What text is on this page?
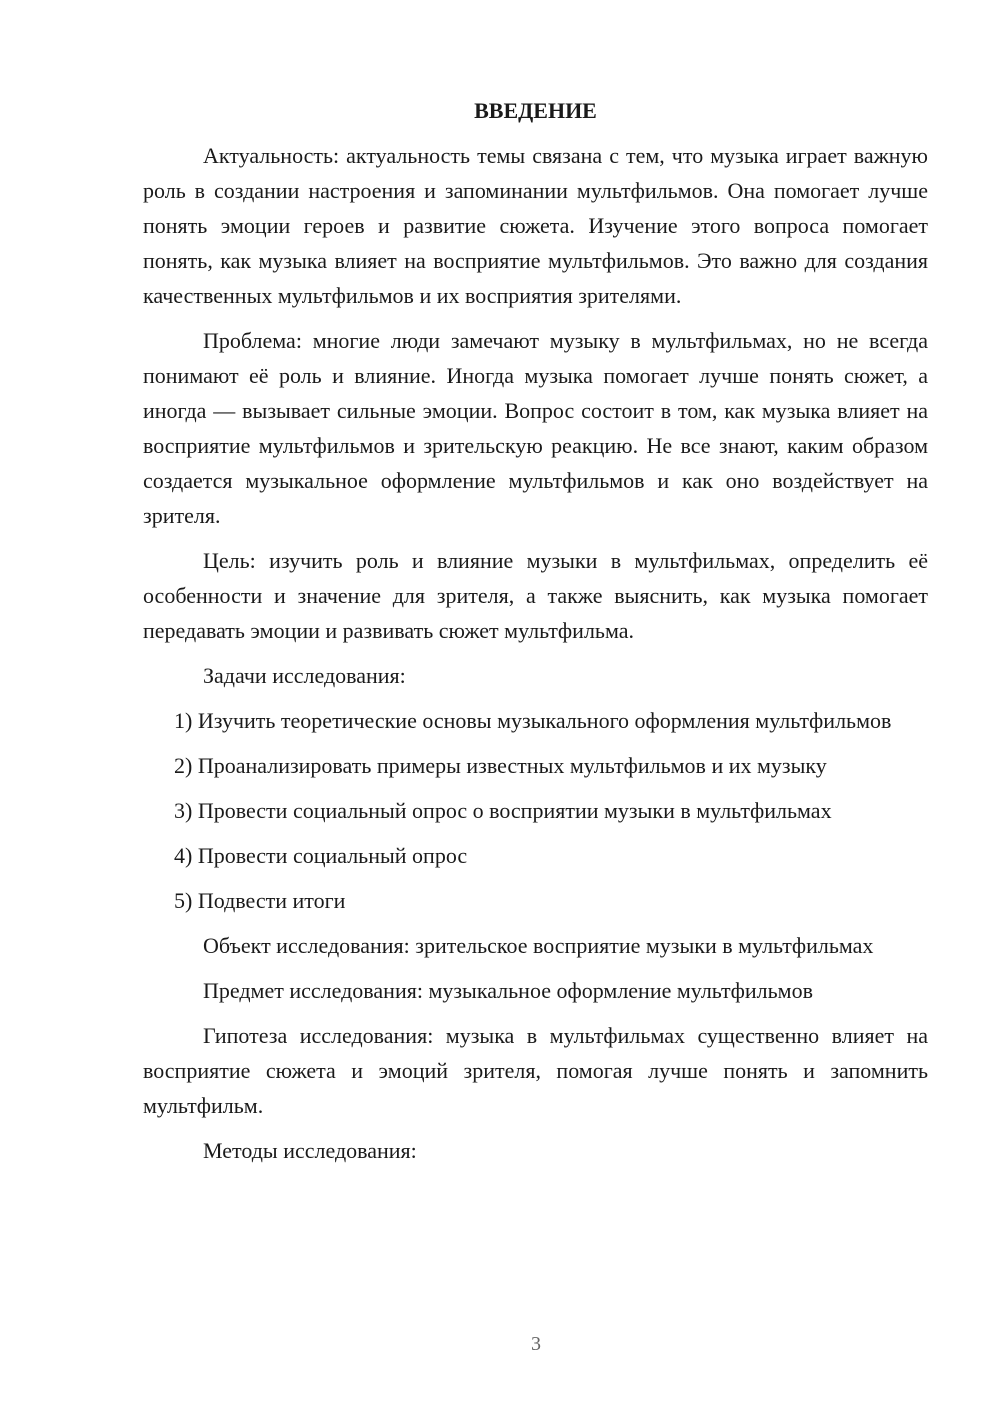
ВВЕДЕНИЕ

Актуальность: актуальность темы связана с тем, что музыка играет важную роль в создании настроения и запоминании мультфильмов. Она помогает лучше понять эмоции героев и развитие сюжета. Изучение этого вопроса помогает понять, как музыка влияет на восприятие мультфильмов. Это важно для создания качественных мультфильмов и их восприятия зрителями.

Проблема: многие люди замечают музыку в мультфильмах, но не всегда понимают её роль и влияние. Иногда музыка помогает лучше понять сюжет, а иногда — вызывает сильные эмоции. Вопрос состоит в том, как музыка влияет на восприятие мультфильмов и зрительскую реакцию. Не все знают, каким образом создается музыкальное оформление мультфильмов и как оно воздействует на зрителя.

Цель: изучить роль и влияние музыки в мультфильмах, определить её особенности и значение для зрителя, а также выяснить, как музыка помогает передавать эмоции и развивать сюжет мультфильма.

Задачи исследования:

1) Изучить теоретические основы музыкального оформления мультфильмов

2) Проанализировать примеры известных мультфильмов и их музыку

3) Провести социальный опрос о восприятии музыки в мультфильмах

4) Провести социальный опрос

5) Подвести итоги

Объект исследования: зрительское восприятие музыки в мультфильмах

Предмет исследования: музыкальное оформление мультфильмов

Гипотеза исследования: музыка в мультфильмах существенно влияет на восприятие сюжета и эмоций зрителя, помогая лучше понять и запомнить мультфильм.

Методы исследования:

3
